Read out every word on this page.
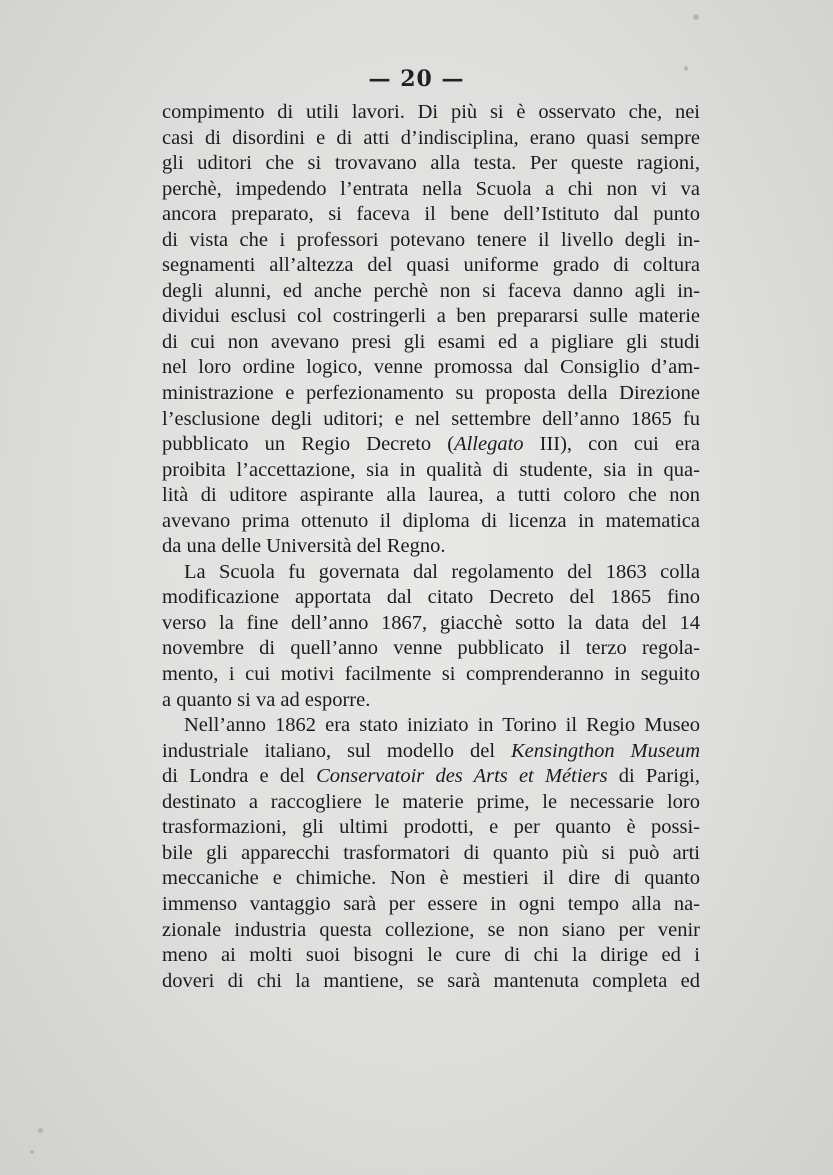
— 20 —

compimento di utili lavori. Di più si è osservato che, nei
casi di disordini e di atti d’indisciplina, erano quasi sempre
gli uditori che si trovavano alla testa. Per queste ragioni,
perchè, impedendo l’entrata nella Scuola a chi non vi va
ancora preparato, si faceva il bene dell’Istituto dal punto
di vista che i professori potevano tenere il livello degli in-
segnamenti all’altezza del quasi uniforme grado di coltura
degli alunni, ed anche perchè non si faceva danno agli in-
dividui esclusi col costringerli a ben prepararsi sulle materie
di cui non avevano presi gli esami ed a pigliare gli studi
nel loro ordine logico, venne promossa dal Consiglio d’am-
ministrazione e perfezionamento su proposta della Direzione
l’esclusione degli uditori; e nel settembre dell’anno 1865 fu
pubblicato un Regio Decreto (Allegato III), con cui era
proibita l’accettazione, sia in qualità di studente, sia in qua-
lità di uditore aspirante alla laurea, a tutti coloro che non
avevano prima ottenuto il diploma di licenza in matematica
da una delle Università del Regno.
La Scuola fu governata dal regolamento del 1863 colla
modificazione apportata dal citato Decreto del 1865 fino
verso la fine dell’anno 1867, giacchè sotto la data del 14
novembre di quell’anno venne pubblicato il terzo regola-
mento, i cui motivi facilmente si comprenderanno in seguito
a quanto si va ad esporre.
Nell’anno 1862 era stato iniziato in Torino il Regio Museo
industriale italiano, sul modello del Kensingthon Museum
di Londra e del Conservatoir des Arts et Métiers di Parigi,
destinato a raccogliere le materie prime, le necessarie loro
trasformazioni, gli ultimi prodotti, e per quanto è possi-
bile gli apparecchi trasformatori di quanto più si può arti
meccaniche e chimiche. Non è mestieri il dire di quanto
immenso vantaggio sarà per essere in ogni tempo alla na-
zionale industria questa collezione, se non siano per venir
meno ai molti suoi bisogni le cure di chi la dirige ed i
doveri di chi la mantiene, se sarà mantenuta completa ed
